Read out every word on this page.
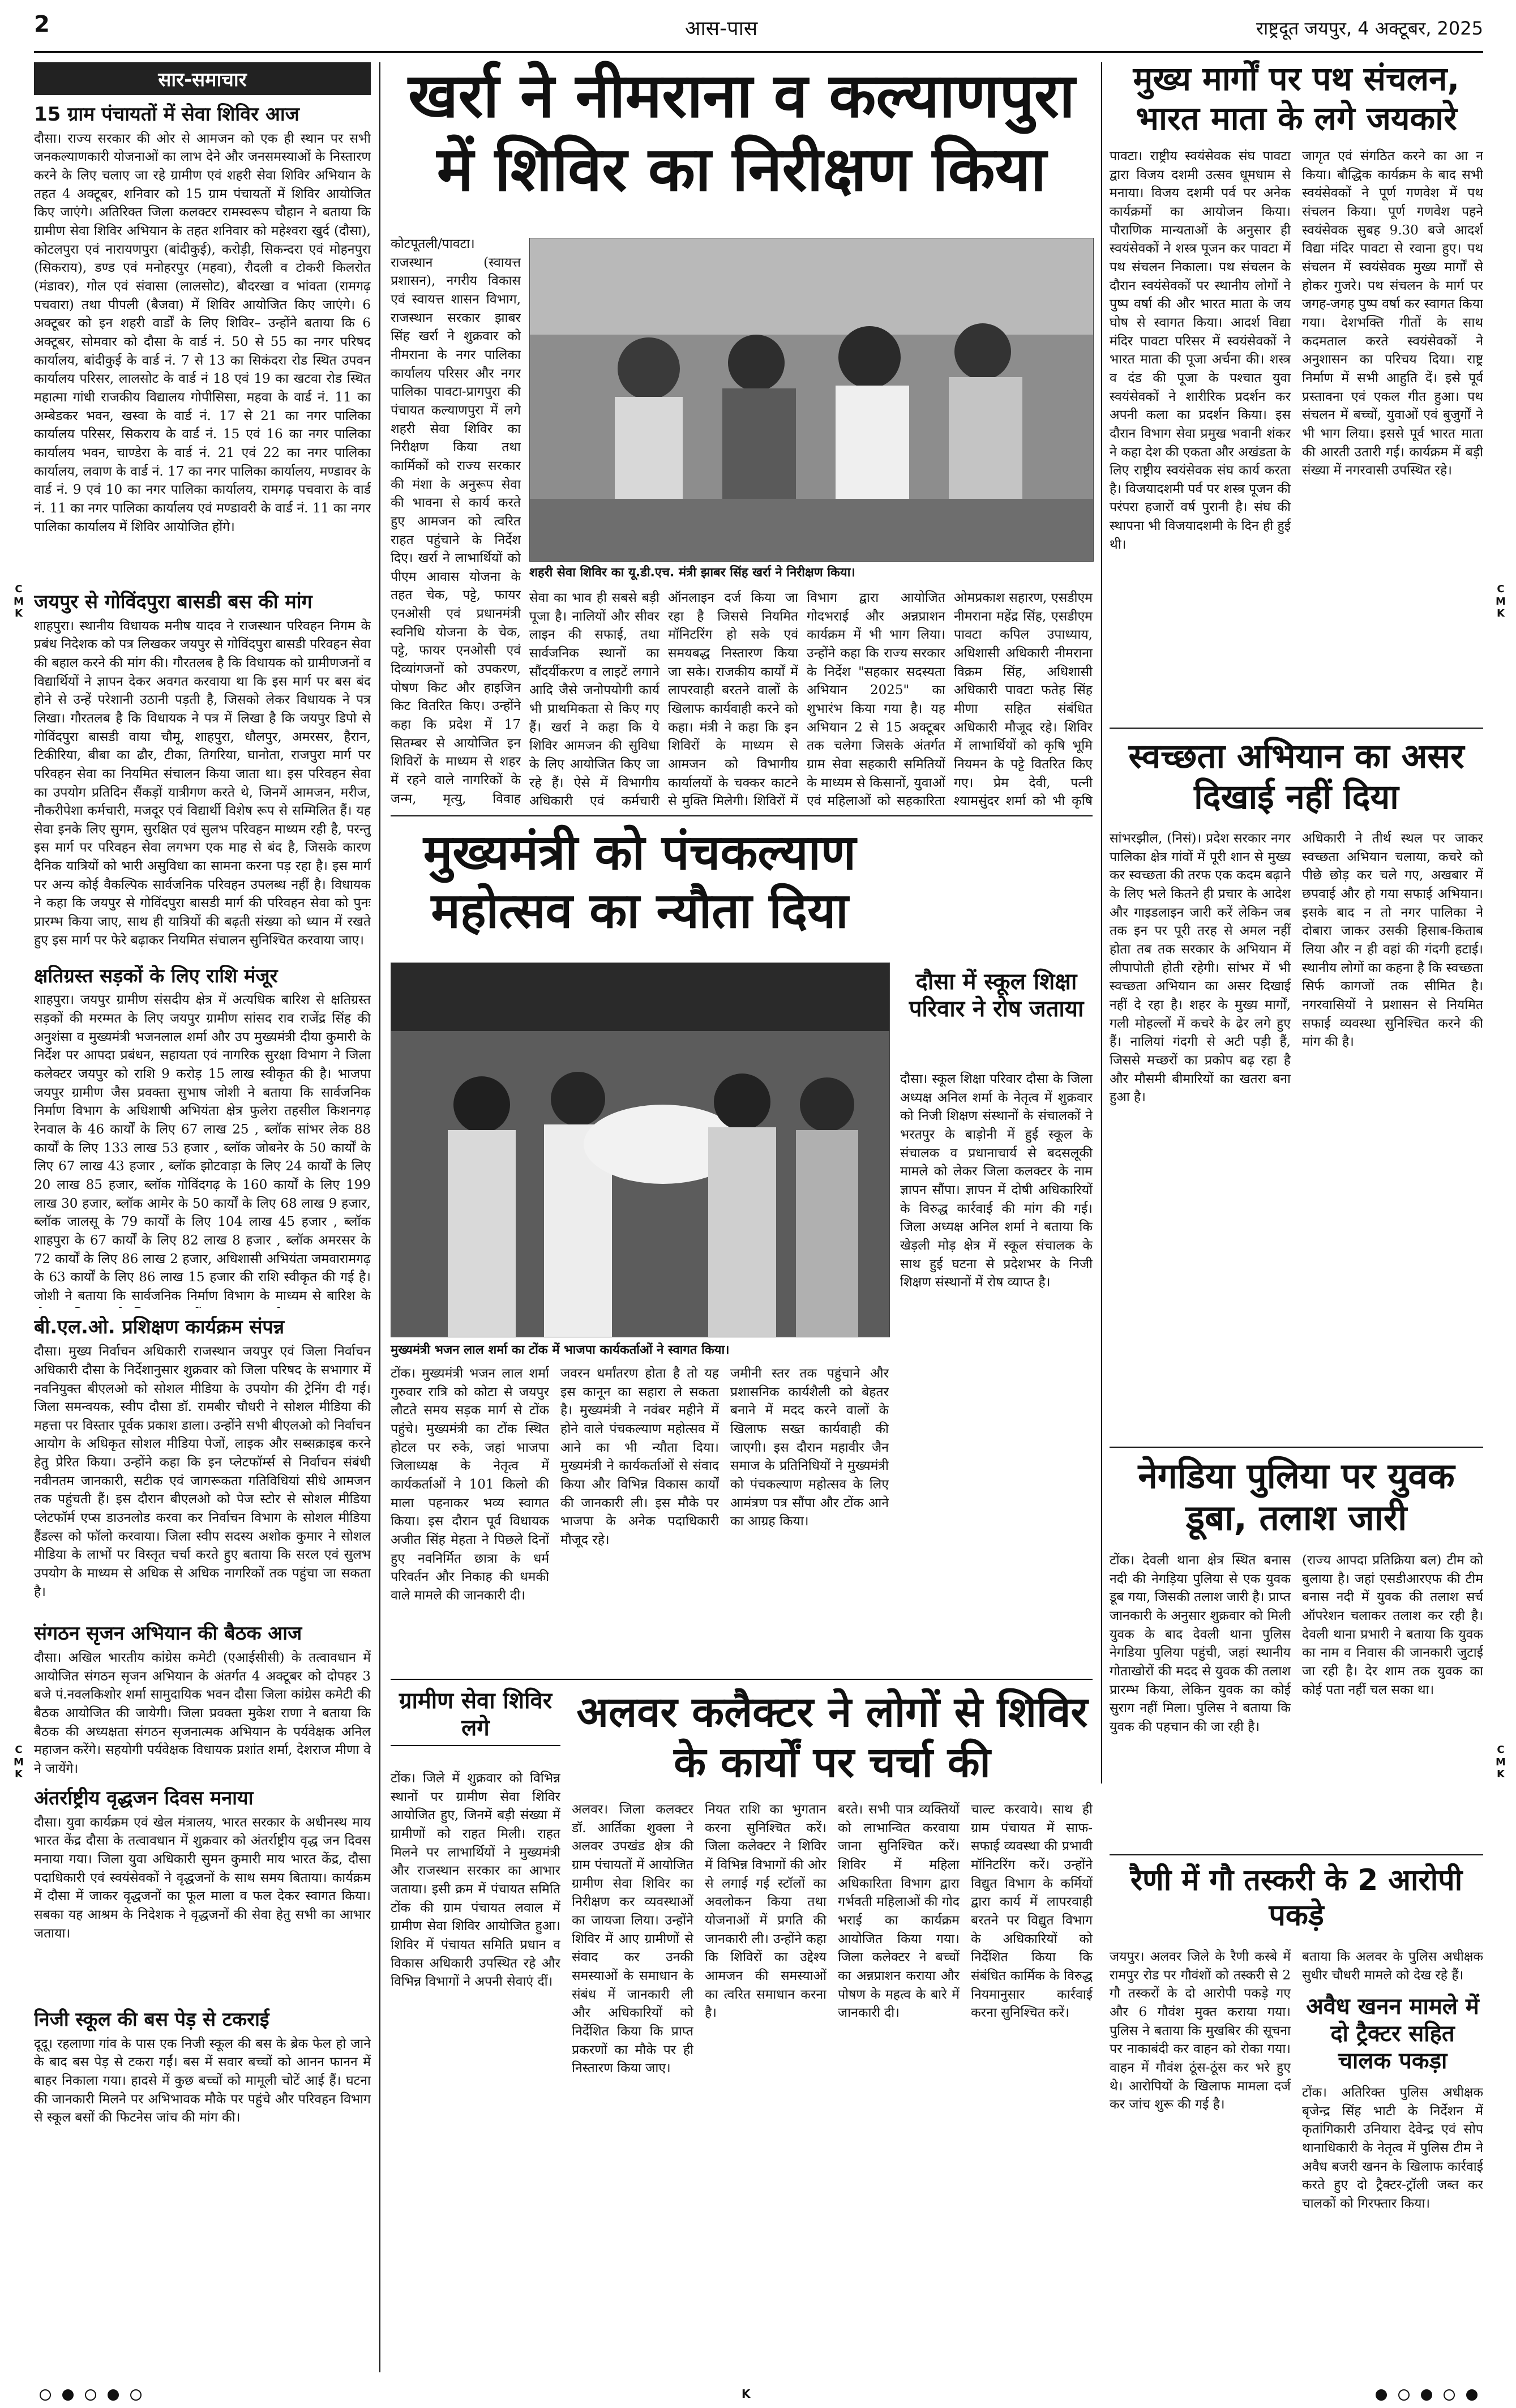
2	आस-पास	राष्ट्रदूत जयपुर, 4 अक्टूबर, 2025
C
M
K
C
M
K
C
M
K
C
M
K
सार-समाचार
15 ग्राम पंचायतों में सेवा शिविर आज

दौसा। राज्य सरकार की ओर से आमजन को एक ही स्थान पर सभी जनकल्याणकारी योजनाओं का लाभ देने और जनसमस्याओं के निस्तारण करने के लिए चलाए जा रहे ग्रामीण एवं शहरी सेवा शिविर अभियान के तहत 4 अक्टूबर, शनिवार को 15 ग्राम पंचायतों में शिविर आयोजित किए जाएंगे। अतिरिक्त जिला कलक्टर रामस्वरूप चौहान ने बताया कि ग्रामीण सेवा शिविर अभियान के तहत शनिवार को महेश्वरा खुर्द (दौसा), कोटलपुरा एवं नारायणपुरा (बांदीकुई), करोड़ी, सिकन्दरा एवं मोहनपुरा (सिकराय), डण्ड एवं मनोहरपुर (महवा), रौदली व टोकरी किलरोत (मंडावर), गोल एवं संवासा (लालसोट), बौदरखा व भांवता (रामगढ़ पचवारा) तथा पीपली (बैजवा) में शिविर आयोजित किए जाएंगे। 6 अक्टूबर को इन शहरी वार्डों के लिए शिविर– उन्होंने बताया कि 6 अक्टूबर, सोमवार को दौसा के वार्ड नं. 50 से 55 का नगर परिषद कार्यालय, बांदीकुई के वार्ड नं. 7 से 13 का सिकंदरा रोड स्थित उपवन कार्यालय परिसर, लालसोट के वार्ड नं 18 एवं 19 का खटवा रोड स्थित महात्मा गांधी राजकीय विद्यालय गोपीसिसा, महवा के वार्ड नं. 11 का अम्बेडकर भवन, खस्वा के वार्ड नं. 17 से 21 का नगर पालिका कार्यालय परिसर, सिकराय के वार्ड नं. 15 एवं 16 का नगर पालिका कार्यालय भवन, चाण्डेरा के वार्ड नं. 21 एवं 22 का नगर पालिका कार्यालय, लवाण के वार्ड नं. 17 का नगर पालिका कार्यालय, मण्डावर के वार्ड नं. 9 एवं 10 का नगर पालिका कार्यालय, रामगढ़ पचवारा के वार्ड नं. 11 का नगर पालिका कार्यालय एवं मण्डावरी के वार्ड नं. 11 का नगर पालिका कार्यालय में शिविर आयोजित होंगे।

जयपुर से गोविंदपुरा बासडी बस की मांग

शाहपुरा। स्थानीय विधायक मनीष यादव ने राजस्थान परिवहन निगम के प्रबंध निदेशक को पत्र लिखकर जयपुर से गोविंदपुरा बासडी परिवहन सेवा की बहाल करने की मांग की। गौरतलब है कि विधायक को ग्रामीणजनों व विद्यार्थियों ने ज्ञापन देकर अवगत करवाया था कि इस मार्ग पर बस बंद होने से उन्हें परेशानी उठानी पड़ती है, जिसको लेकर विधायक ने पत्र लिखा। गौरतलब है कि विधायक ने पत्र में लिखा है कि जयपुर डिपो से गोविंदपुरा बासडी वाया चौमू, शाहपुरा, धौलपुर, अमरसर, हैरान, टिकीरिया, बीबा का ढौर, टीका, तिगरिया, घानोता, राजपुरा मार्ग पर परिवहन सेवा का नियमित संचालन किया जाता था। इस परिवहन सेवा का उपयोग प्रतिदिन सैंकड़ों यात्रीगण करते थे, जिनमें आमजन, मरीज, नौकरीपेशा कर्मचारी, मजदूर एवं विद्यार्थी विशेष रूप से सम्मिलित हैं। यह सेवा इनके लिए सुगम, सुरक्षित एवं सुलभ परिवहन माध्यम रही है, परन्तु इस मार्ग पर परिवहन सेवा लगभग एक माह से बंद है, जिसके कारण दैनिक यात्रियों को भारी असुविधा का सामना करना पड़ रहा है। इस मार्ग पर अन्य कोई वैकल्पिक सार्वजनिक परिवहन उपलब्ध नहीं है। विधायक ने कहा कि जयपुर से गोविंदपुरा बासडी मार्ग की परिवहन सेवा को पुनः प्रारम्भ किया जाए, साथ ही यात्रियों की बढ़ती संख्या को ध्यान में रखते हुए इस मार्ग पर फेरे बढ़ाकर नियमित संचालन सुनिश्चित करवाया जाए।

क्षतिग्रस्त सड़कों के लिए राशि मंजूर

शाहपुरा। जयपुर ग्रामीण संसदीय क्षेत्र में अत्यधिक बारिश से क्षतिग्रस्त सड़कों की मरम्मत के लिए जयपुर ग्रामीण सांसद राव राजेंद्र सिंह की अनुशंसा व मुख्यमंत्री भजनलाल शर्मा और उप मुख्यमंत्री दीया कुमारी के निर्देश पर आपदा प्रबंधन, सहायता एवं नागरिक सुरक्षा विभाग ने जिला कलेक्टर जयपुर को राशि 9 करोड़ 15 लाख स्वीकृत की है। भाजपा जयपुर ग्रामीण जैस प्रवक्ता सुभाष जोशी ने बताया कि सार्वजनिक निर्माण विभाग के अधिशाषी अभियंता क्षेत्र फुलेरा तहसील किशनगढ़ रेनवाल के 46 कार्यों के लिए 67 लाख 25 , ब्लॉक सांभर लेक 88 कार्यों के लिए 133 लाख 53 हजार , ब्लॉक जोबनेर के 50 कार्यों के लिए 67 लाख 43 हजार , ब्लॉक झोटवाड़ा के लिए 24 कार्यों के लिए 20 लाख 85 हजार, ब्लॉक गोविंदगढ़ के 160 कार्यों के लिए 199 लाख 30 हजार, ब्लॉक आमेर के 50 कार्यों के लिए 68 लाख 9 हजार, ब्लॉक जालसू के 79 कार्यों के लिए 104 लाख 45 हजार , ब्लॉक शाहपुरा के 67 कार्यों के लिए 82 लाख 8 हजार , ब्लॉक अमरसर के 72 कार्यों के लिए 86 लाख 2 हजार, अधिशासी अभियंता जमवारामगढ़ के 63 कार्यों के लिए 86 लाख 15 हजार की राशि स्वीकृत की गई है। जोशी ने बताया कि सार्वजनिक निर्माण विभाग के माध्यम से बारिश के

बी.एल.ओ. प्रशिक्षण कार्यक्रम संपन्न

दौसा। मुख्य निर्वाचन अधिकारी राजस्थान जयपुर एवं जिला निर्वाचन अधिकारी दौसा के निर्देशानुसार शुक्रवार को जिला परिषद के सभागार में नवनियुक्त बीएलओ को सोशल मीडिया के उपयोग की ट्रेनिंग दी गई। जिला समन्वयक, स्वीप दौसा डॉ. रामबीर चौधरी ने सोशल मीडिया की महत्ता पर विस्तार पूर्वक प्रकाश डाला। उन्होंने सभी बीएलओ को निर्वाचन आयोग के अधिकृत सोशल मीडिया पेजों, लाइक और सब्सक्राइब करने हेतु प्रेरित किया। उन्होंने कहा कि इन प्लेटफॉर्म्स से निर्वाचन संबंधी नवीनतम जानकारी, सटीक एवं जागरूकता गतिविधियां सीधे आमजन तक पहुंचती हैं। इस दौरान बीएलओ को पेज स्टोर से सोशल मीडिया प्लेटफॉर्म एप्स डाउनलोड करवा कर निर्वाचन विभाग के सोशल मीडिया हैंडल्स को फॉलो करवाया। जिला स्वीप सदस्य अशोक कुमार ने सोशल मीडिया के लाभों पर विस्तृत चर्चा करते हुए बताया कि सरल एवं सुलभ उपयोग के माध्यम से अधिक से अधिक नागरिकों तक पहुंचा जा सकता है।

संगठन सृजन अभियान की बैठक आज

दौसा। अखिल भारतीय कांग्रेस कमेटी (एआईसीसी) के तत्वावधान में आयोजित संगठन सृजन अभियान के अंतर्गत 4 अक्टूबर को दोपहर 3 बजे पं.नवलकिशोर शर्मा सामुदायिक भवन दौसा जिला कांग्रेस कमेटी की बैठक आयोजित की जायेगी। जिला प्रवक्ता मुकेश राणा ने बताया कि बैठक की अध्यक्षता संगठन सृजनात्मक अभियान के पर्यवेक्षक अनिल महाजन करेंगे। सहयोगी पर्यवेक्षक विधायक प्रशांत शर्मा, देशराज मीणा वे ने जायेंगे।

अंतर्राष्ट्रीय वृद्धजन दिवस मनाया

दौसा। युवा कार्यक्रम एवं खेल मंत्रालय, भारत सरकार के अधीनस्थ माय भारत केंद्र दौसा के तत्वावधान में शुक्रवार को अंतर्राष्ट्रीय वृद्ध जन दिवस मनाया गया। जिला युवा अधिकारी सुमन कुमारी माय भारत केंद्र, दौसा पदाधिकारी एवं स्वयंसेवकों ने वृद्धजनों के साथ समय बिताया। कार्यक्रम में दौसा में जाकर वृद्धजनों का फूल माला व फल देकर स्वागत किया। सबका यह आश्रम के निदेशक ने वृद्धजनों की सेवा हेतु सभी का आभार जताया।

निजी स्कूल की बस पेड़ से टकराई

दूदू। रहलाणा गांव के पास एक निजी स्कूल की बस के ब्रेक फेल हो जाने के बाद बस पेड़ से टकरा गईं। बस में सवार बच्चों को आनन फानन में बाहर निकाला गया। हादसे में कुछ बच्चों को मामूली चोटें आई हैं। घटना की जानकारी मिलने पर अभिभावक मौके पर पहुंचे और परिवहन विभाग से स्कूल बसों की फिटनेस जांच की मांग की।

खर्रा ने नीमराना व कल्याणपुरा में शिविर का निरीक्षण किया

कोटपूतली/पावटा। राजस्थान (स्वायत्त प्रशासन), नगरीय विकास एवं स्वायत्त शासन विभाग, राजस्थान सरकार झाबर सिंह खर्रा ने शुक्रवार को नीमराना के नगर पालिका कार्यालय परिसर और नगर पालिका पावटा-प्रागपुरा की पंचायत कल्याणपुरा में लगे शहरी सेवा शिविर का निरीक्षण किया तथा कार्मिकों को राज्य सरकार की मंशा के अनुरूप सेवा की भावना से कार्य करते हुए आमजन को त्वरित राहत पहुंचाने के निर्देश दिए। खर्रा ने लाभार्थियों को पीएम आवास योजना के तहत चेक, पट्टे, फायर एनओसी एवं प्रधानमंत्री स्वनिधि योजना के चेक, पट्टे, फायर एनओसी एवं दिव्यांगजनों को उपकरण, पोषण किट और हाइजिन किट वितरित किए। उन्होंने कहा कि प्रदेश में 17 सितम्बर से आयोजित इन शिविरों के माध्यम से शहर में रहने वाले नागरिकों के जन्म, मृत्यु, विवाह

शहरी सेवा शिविर का यू.डी.एच. मंत्री झाबर सिंह खर्रा ने निरीक्षण किया।

सेवा का भाव ही सबसे बड़ी पूजा है। नालियों और सीवर लाइन की सफाई, तथा सार्वजनिक स्थानों का सौंदर्यीकरण व लाइटें लगाने आदि जैसे जनोपयोगी कार्य भी प्राथमिकता से किए गए हैं। खर्रा ने कहा कि ये शिविर आमजन की सुविधा के लिए आयोजित किए जा रहे हैं। ऐसे में विभागीय अधिकारी एवं कर्मचारी

ऑनलाइन दर्ज किया जा रहा है जिससे नियमित मॉनिटरिंग हो सके एवं समयबद्ध निस्तारण किया जा सके। राजकीय कार्यों में लापरवाही बरतने वालों के खिलाफ कार्यवाही करने को कहा। मंत्री ने कहा कि इन शिविरों के माध्यम से आमजन को विभागीय कार्यालयों के चक्कर काटने से मुक्ति मिलेगी। शिविरों में

विभाग द्वारा आयोजित गोदभराई और अन्नप्राशन कार्यक्रम में भी भाग लिया। उन्होंने कहा कि राज्य सरकार के निर्देश "सहकार सदस्यता अभियान 2025" का शुभारंभ किया गया है। यह अभियान 2 से 15 अक्टूबर तक चलेगा जिसके अंतर्गत ग्राम सेवा सहकारी समितियों के माध्यम से किसानों, युवाओं एवं महिलाओं को सहकारिता

ओमप्रकाश सहारण, एसडीएम नीमराना महेंद्र सिंह, एसडीएम पावटा कपिल उपाध्याय, अधिशासी अधिकारी नीमराना विक्रम सिंह, अधिशासी अधिकारी पावटा फतेह सिंह मीणा सहित संबंधित अधिकारी मौजूद रहे। शिविर में लाभार्थियों को कृषि भूमि नियमन के पट्टे वितरित किए गए। प्रेम देवी, पत्नी श्यामसुंदर शर्मा को भी कृषि

मुख्य मार्गों पर पथ संचलन, भारत माता के लगे जयकारे

पावटा। राष्ट्रीय स्वयंसेवक संघ पावटा द्वारा विजय दशमी उत्सव धूमधाम से मनाया। विजय दशमी पर्व पर अनेक कार्यक्रमों का आयोजन किया। पौराणिक मान्यताओं के अनुसार ही स्वयंसेवकों ने शस्त्र पूजन कर पावटा में पथ संचलन निकाला। पथ संचलन के दौरान स्वयंसेवकों पर स्थानीय लोगों ने पुष्प वर्षा की और भारत माता के जय घोष से स्वागत किया। आदर्श विद्या मंदिर पावटा परिसर में स्वयंसेवकों ने भारत माता की पूजा अर्चना की। शस्त्र व दंड की पूजा के पश्चात युवा स्वयंसेवकों ने शारीरिक प्रदर्शन कर अपनी कला का प्रदर्शन किया। इस दौरान विभाग सेवा प्रमुख भवानी शंकर ने कहा देश की एकता और अखंडता के लिए राष्ट्रीय स्वयंसेवक संघ कार्य करता है। विजयादशमी पर्व पर शस्त्र पूजन की परंपरा हजारों वर्ष पुरानी है। संघ की स्थापना भी विजयादशमी के दिन ही हुई थी।

जागृत एवं संगठित करने का आ न किया। बौद्धिक कार्यक्रम के बाद सभी स्वयंसेवकों ने पूर्ण गणवेश में पथ संचलन किया। पूर्ण गणवेश पहने स्वयंसेवक सुबह 9.30 बजे आदर्श विद्या मंदिर पावटा से रवाना हुए। पथ संचलन में स्वयंसेवक मुख्य मार्गों से होकर गुजरे। पथ संचलन के मार्ग पर जगह-जगह पुष्प वर्षा कर स्वागत किया गया। देशभक्ति गीतों के साथ कदमताल करते स्वयंसेवकों ने अनुशासन का परिचय दिया। राष्ट्र निर्माण में सभी आहुति दें। इसे पूर्व प्रस्तावना एवं एकल गीत हुआ। पथ संचलन में बच्चों, युवाओं एवं बुजुर्गों ने भी भाग लिया। इससे पूर्व भारत माता की आरती उतारी गई। कार्यक्रम में बड़ी संख्या में नगरवासी उपस्थित रहे।

स्वच्छता अभियान का असर दिखाई नहीं दिया

सांभरझील, (निसं)। प्रदेश सरकार नगर पालिका क्षेत्र गांवों में पूरी शान से मुख्य कर स्वच्छता की तरफ एक कदम बढ़ाने के लिए भले कितने ही प्रचार के आदेश और गाइडलाइन जारी करें लेकिन जब तक इन पर पूरी तरह से अमल नहीं होता तब तक सरकार के अभियान में लीपापोती होती रहेगी। सांभर में भी स्वच्छता अभियान का असर दिखाई नहीं दे रहा है। शहर के मुख्य मार्गों, गली मोहल्लों में कचरे के ढेर लगे हुए हैं। नालियां गंदगी से अटी पड़ी हैं, जिससे मच्छरों का प्रकोप बढ़ रहा है और मौसमी बीमारियों का खतरा बना हुआ है।

अधिकारी ने तीर्थ स्थल पर जाकर स्वच्छता अभियान चलाया, कचरे को पीछे छोड़ कर चले गए, अखबार में छपवाई और हो गया सफाई अभियान। इसके बाद न तो नगर पालिका ने दोबारा जाकर उसकी हिसाब-किताब लिया और न ही वहां की गंदगी हटाई। स्थानीय लोगों का कहना है कि स्वच्छता सिर्फ कागजों तक सीमित है। नगरवासियों ने प्रशासन से नियमित सफाई व्यवस्था सुनिश्चित करने की मांग की है।

नेगडिया पुलिया पर युवक डूबा, तलाश जारी

टोंक। देवली थाना क्षेत्र स्थित बनास नदी की नेगड़िया पुलिया से एक युवक डूब गया, जिसकी तलाश जारी है। प्राप्त जानकारी के अनुसार शुक्रवार को मिली युवक के बाद देवली थाना पुलिस नेगडिया पुलिया पहुंची, जहां स्थानीय गोताखोरों की मदद से युवक की तलाश प्रारम्भ किया, लेकिन युवक का कोई सुराग नहीं मिला। पुलिस ने बताया कि युवक की पहचान की जा रही है।

(राज्य आपदा प्रतिक्रिया बल) टीम को बुलाया है। जहां एसडीआरएफ की टीम बनास नदी में युवक की तलाश सर्च ऑपरेशन चलाकर तलाश कर रही है। देवली थाना प्रभारी ने बताया कि युवक का नाम व निवास की जानकारी जुटाई जा रही है। देर शाम तक युवक का कोई पता नहीं चल सका था।

रैणी में गौ तस्करी के 2 आरोपी पकड़े

जयपुर। अलवर जिले के रैणी कस्बे में रामपुर रोड पर गौवंशों को तस्करी से 2 गौ तस्करों के दो आरोपी पकड़े गए और 6 गौवंश मुक्त कराया गया। पुलिस ने बताया कि मुखबिर की सूचना पर नाकाबंदी कर वाहन को रोका गया। वाहन में गौवंश ठूंस-ठूंस कर भरे हुए थे। आरोपियों के खिलाफ मामला दर्ज कर जांच शुरू की गई है।

बताया कि अलवर के पुलिस अधीक्षक सुधीर चौधरी मामले को देख रहे हैं।

अवैध खनन मामले में दो ट्रैक्टर सहित चालक पकड़ा

टोंक। अतिरिक्त पुलिस अधीक्षक बृजेन्द्र सिंह भाटी के निर्देशन में कृतांगिकारी उनियारा देवेन्द्र एवं सोप थानाधिकारी के नेतृत्व में पुलिस टीम ने अवैध बजरी खनन के खिलाफ कार्रवाई करते हुए दो ट्रैक्टर-ट्रॉली जब्त कर चालकों को गिरफ्तार किया।

मुख्यमंत्री को पंचकल्याण महोत्सव का न्यौता दिया
मुख्यमंत्री भजन लाल शर्मा का टोंक में भाजपा कार्यकर्ताओं ने स्वागत किया।

टोंक। मुख्यमंत्री भजन लाल शर्मा गुरुवार रात्रि को कोटा से जयपुर लौटते समय सड़क मार्ग से टोंक पहुंचे। मुख्यमंत्री का टोंक स्थित होटल पर रुके, जहां भाजपा जिलाध्यक्ष के नेतृत्व में कार्यकर्ताओं ने 101 किलो की माला पहनाकर भव्य स्वागत किया। इस दौरान पूर्व विधायक अजीत सिंह मेहता ने पिछले दिनों हुए नवनिर्मित छात्रा के धर्म परिवर्तन और निकाह की धमकी वाले मामले की जानकारी दी।

जवरन धर्मांतरण होता है तो यह इस कानून का सहारा ले सकता है। मुख्यमंत्री ने नवंबर महीने में होने वाले पंचकल्याण महोत्सव में आने का भी न्यौता दिया। मुख्यमंत्री ने कार्यकर्ताओं से संवाद किया और विभिन्न विकास कार्यों की जानकारी ली। इस मौके पर भाजपा के अनेक पदाधिकारी मौजूद रहे।

जमीनी स्तर तक पहुंचाने और प्रशासनिक कार्यशैली को बेहतर बनाने में मदद करने वालों के खिलाफ सख्त कार्यवाही की जाएगी। इस दौरान महावीर जैन समाज के प्रतिनिधियों ने मुख्यमंत्री को पंचकल्याण महोत्सव के लिए आमंत्रण पत्र सौंपा और टोंक आने का आग्रह किया।

दौसा में स्कूल शिक्षा परिवार ने रोष जताया

दौसा। स्कूल शिक्षा परिवार दौसा के जिला अध्यक्ष अनिल शर्मा के नेतृत्व में शुक्रवार को निजी शिक्षण संस्थानों के संचालकों ने भरतपुर के बाड़ोनी में हुई स्कूल के संचालक व प्रधानाचार्य से बदसलूकी मामले को लेकर जिला कलक्टर के नाम ज्ञापन सौंपा। ज्ञापन में दोषी अधिकारियों के विरुद्ध कार्रवाई की मांग की गई। जिला अध्यक्ष अनिल शर्मा ने बताया कि खेड़ली मोड़ क्षेत्र में स्कूल संचालक के साथ हुई घटना से प्रदेशभर के निजी शिक्षण संस्थानों में रोष व्याप्त है।

ग्रामीण सेवा शिविर लगे

टोंक। जिले में शुक्रवार को विभिन्न स्थानों पर ग्रामीण सेवा शिविर आयोजित हुए, जिनमें बड़ी संख्या में ग्रामीणों को राहत मिली। राहत मिलने पर लाभार्थियों ने मुख्यमंत्री और राजस्थान सरकार का आभार जताया। इसी क्रम में पंचायत समिति टोंक की ग्राम पंचायत लवाल में ग्रामीण सेवा शिविर आयोजित हुआ। शिविर में पंचायत समिति प्रधान व विकास अधिकारी उपस्थित रहे और विभिन्न विभागों ने अपनी सेवाएं दीं।

अलवर कलैक्टर ने लोगों से शिविर के कार्यों पर चर्चा की

अलवर। जिला कलक्टर डॉ. आर्तिका शुक्ला ने अलवर उपखंड क्षेत्र की ग्राम पंचायतों में आयोजित ग्रामीण सेवा शिविर का निरीक्षण कर व्यवस्थाओं का जायजा लिया। उन्होंने शिविर में आए ग्रामीणों से संवाद कर उनकी समस्याओं के समाधान के संबंध में जानकारी ली और अधिकारियों को निर्देशित किया कि प्राप्त प्रकरणों का मौके पर ही निस्तारण किया जाए।

नियत राशि का भुगतान करना सुनिश्चित करें। जिला कलेक्टर ने शिविर में विभिन्न विभागों की ओर से लगाई गई स्टॉलों का अवलोकन किया तथा योजनाओं में प्रगति की जानकारी ली। उन्होंने कहा कि शिविरों का उद्देश्य आमजन की समस्याओं का त्वरित समाधान करना है।

बरते। सभी पात्र व्यक्तियों को लाभान्वित करवाया जाना सुनिश्चित करें। शिविर में महिला अधिकारिता विभाग द्वारा गर्भवती महिलाओं की गोद भराई का कार्यक्रम आयोजित किया गया। जिला कलेक्टर ने बच्चों का अन्नप्राशन कराया और पोषण के महत्व के बारे में जानकारी दी।

चाल्ट करवाये। साथ ही ग्राम पंचायत में साफ-सफाई व्यवस्था की प्रभावी मॉनिटरिंग करें। उन्होंने विद्युत विभाग के कर्मियों द्वारा कार्य में लापरवाही बरतने पर विद्युत विभाग के अधिकारियों को निर्देशित किया कि संबंधित कार्मिक के विरुद्ध नियमानुसार कार्रवाई करना सुनिश्चित करें।

K
